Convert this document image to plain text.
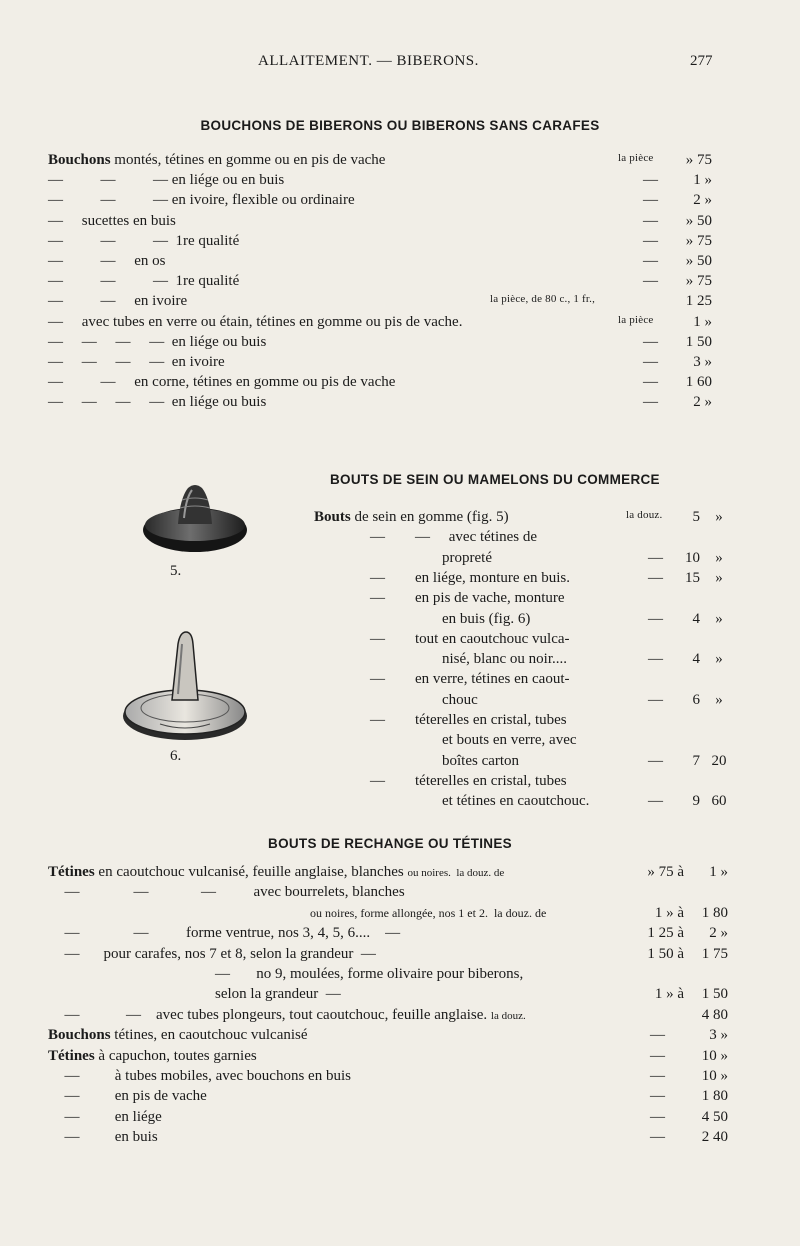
ALLAITEMENT. — BIBERONS.	277
BOUCHONS DE BIBERONS OU BIBERONS SANS CARAFES
Bouchons montés, tétines en gomme ou en pis de vache	la pièce	» 75
—          —          — en liége ou en buis	—	1 »
—          —          — en ivoire, flexible ou ordinaire	—	2 »
—     sucettes en buis	—	» 50
—          —          —  1re qualité	—	» 75
—          —     en os	—	» 50
—          —          —  1re qualité	—	» 75
—          —     en ivoire	la pièce, de 80 c., 1 fr.,	1 25
—     avec tubes en verre ou étain, tétines en gomme ou pis de vache.	la pièce	1 »
—     —     —     —  en liége ou buis	—	1 50
—     —     —     —  en ivoire	—	3 »
—          —     en corne, tétines en gomme ou pis de vache	—	1 60
—     —     —     —  en liége ou buis	—	2 »
BOUTS DE SEIN OU MAMELONS DU COMMERCE
5.
6.
Bouts de sein en gomme (fig. 5)	la douz.	5	»
—        —     avec tétines de
propreté	—	10	»
—        en liége, monture en buis.	—	15	»
—        en pis de vache, monture
en buis (fig. 6)	—	4	»
—        tout en caoutchouc vulca-
nisé, blanc ou noir....	—	4	»
—        en verre, tétines en caout-
chouc	—	6	»
—        téterelles en cristal, tubes
et bouts en verre, avec
boîtes carton	—	7 20
—        téterelles en cristal, tubes
et tétines en caoutchouc.	—	9 60
BOUTS DE RECHANGE OU TÉTINES
Tétines en caoutchouc vulcanisé, feuille anglaise, blanches ou noires.  la douz. de	» 75 à	1 »
—          —              —          avec bourrelets, blanches
ou noires, forme allongée, nos 1 et 2.  la douz. de	1 » à	1 80
—          —          forme ventrue, nos 3, 4, 5, 6....    —	1 25 à	2 »
—  pour carafes, nos 7 et 8, selon la grandeur  —	1 50 à	1 75
—       no 9, moulées, forme olivaire pour biberons,
selon la grandeur  —	1 » à	1 50
—        —    avec tubes plongeurs, tout caoutchouc, feuille anglaise. la douz.	4 80
Bouchons tétines, en caoutchouc vulcanisé	—	3 »
Tétines à capuchon, toutes garnies	—	10 »
—     à tubes mobiles, avec bouchons en buis	—	10 »
—     en pis de vache	—	1 80
—     en liége	—	4 50
—     en buis	—	2 40
